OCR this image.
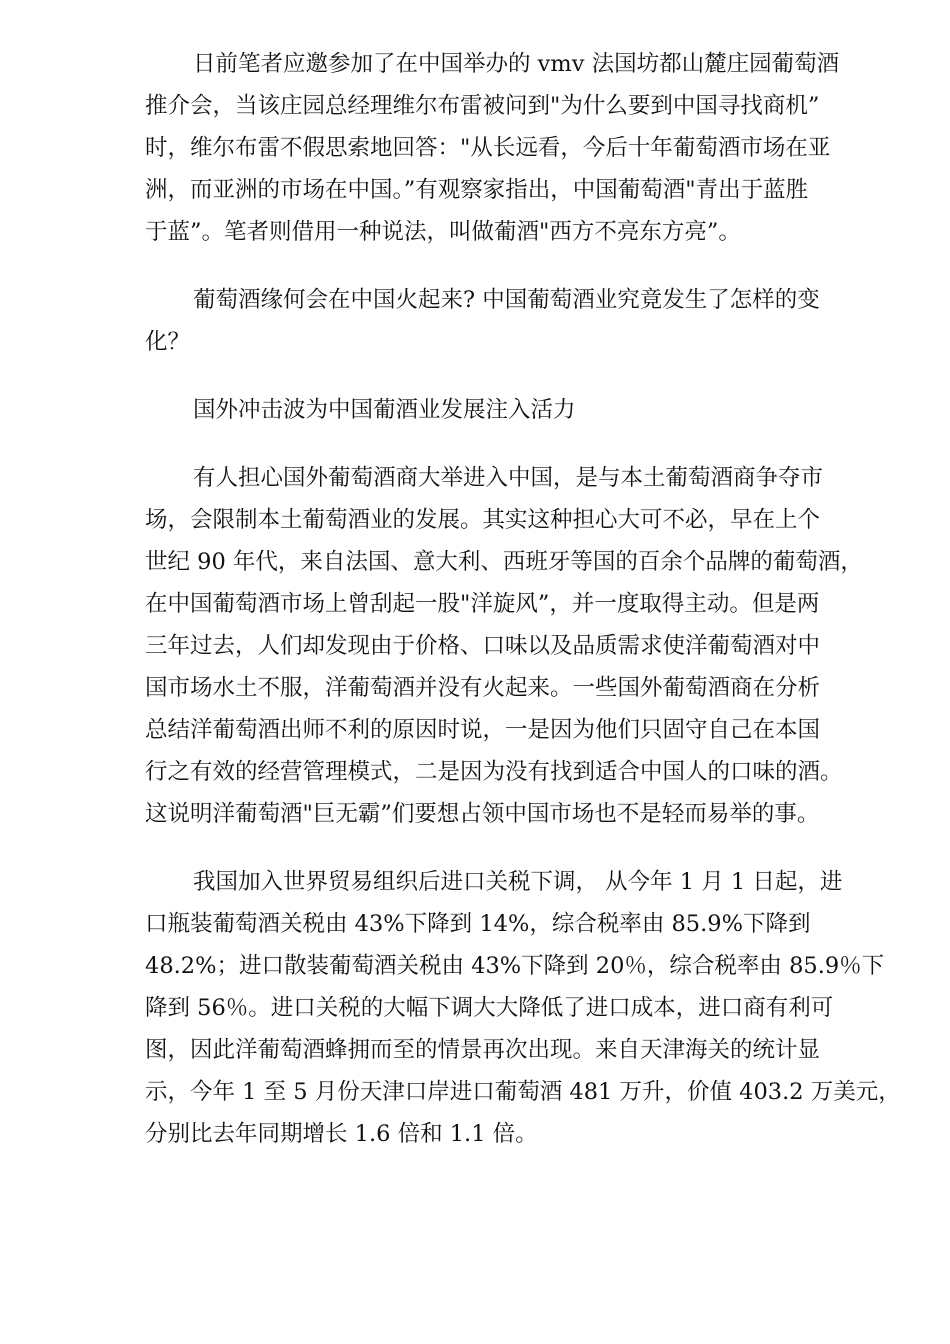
日前笔者应邀参加了在中国举办的 vmv 法国坊都山麓庄园葡萄酒
推介会，当该庄园总经理维尔布雷被问到"为什么要到中国寻找商机”
时，维尔布雷不假思索地回答："从长远看，今后十年葡萄酒市场在亚
洲，而亚洲的市场在中国。”有观察家指出，中国葡萄酒"青出于蓝胜
于蓝”。笔者则借用一种说法，叫做葡酒"西方不亮东方亮”。
葡萄酒缘何会在中国火起来? 中国葡萄酒业究竟发生了怎样的变
化？
国外冲击波为中国葡酒业发展注入活力
有人担心国外葡萄酒商大举进入中国，是与本土葡萄酒商争夺市
场，会限制本土葡萄酒业的发展。其实这种担心大可不必，早在上个
世纪 90 年代，来自法国、意大利、西班牙等国的百余个品牌的葡萄酒，
在中国葡萄酒市场上曾刮起一股"洋旋风”，并一度取得主动。但是两
三年过去，人们却发现由于价格、口味以及品质需求使洋葡萄酒对中
国市场水土不服，洋葡萄酒并没有火起来。一些国外葡萄酒商在分析
总结洋葡萄酒出师不利的原因时说，一是因为他们只固守自己在本国
行之有效的经营管理模式，二是因为没有找到适合中国人的口味的酒。
这说明洋葡萄酒"巨无霸”们要想占领中国市场也不是轻而易举的事。
我国加入世界贸易组织后进口关税下调， 从今年 1 月 1 日起，进
口瓶装葡萄酒关税由 43%下降到 14%，综合税率由 85.9%下降到
48.2%；进口散装葡萄酒关税由 43%下降到 20％，综合税率由 85.9％下
降到 56％。进口关税的大幅下调大大降低了进口成本，进口商有利可
图，因此洋葡萄酒蜂拥而至的情景再次出现。来自天津海关的统计显
示，今年 1 至 5 月份天津口岸进口葡萄酒 481 万升，价值 403.2 万美元，
分别比去年同期增长 1.6 倍和 1.1 倍。
